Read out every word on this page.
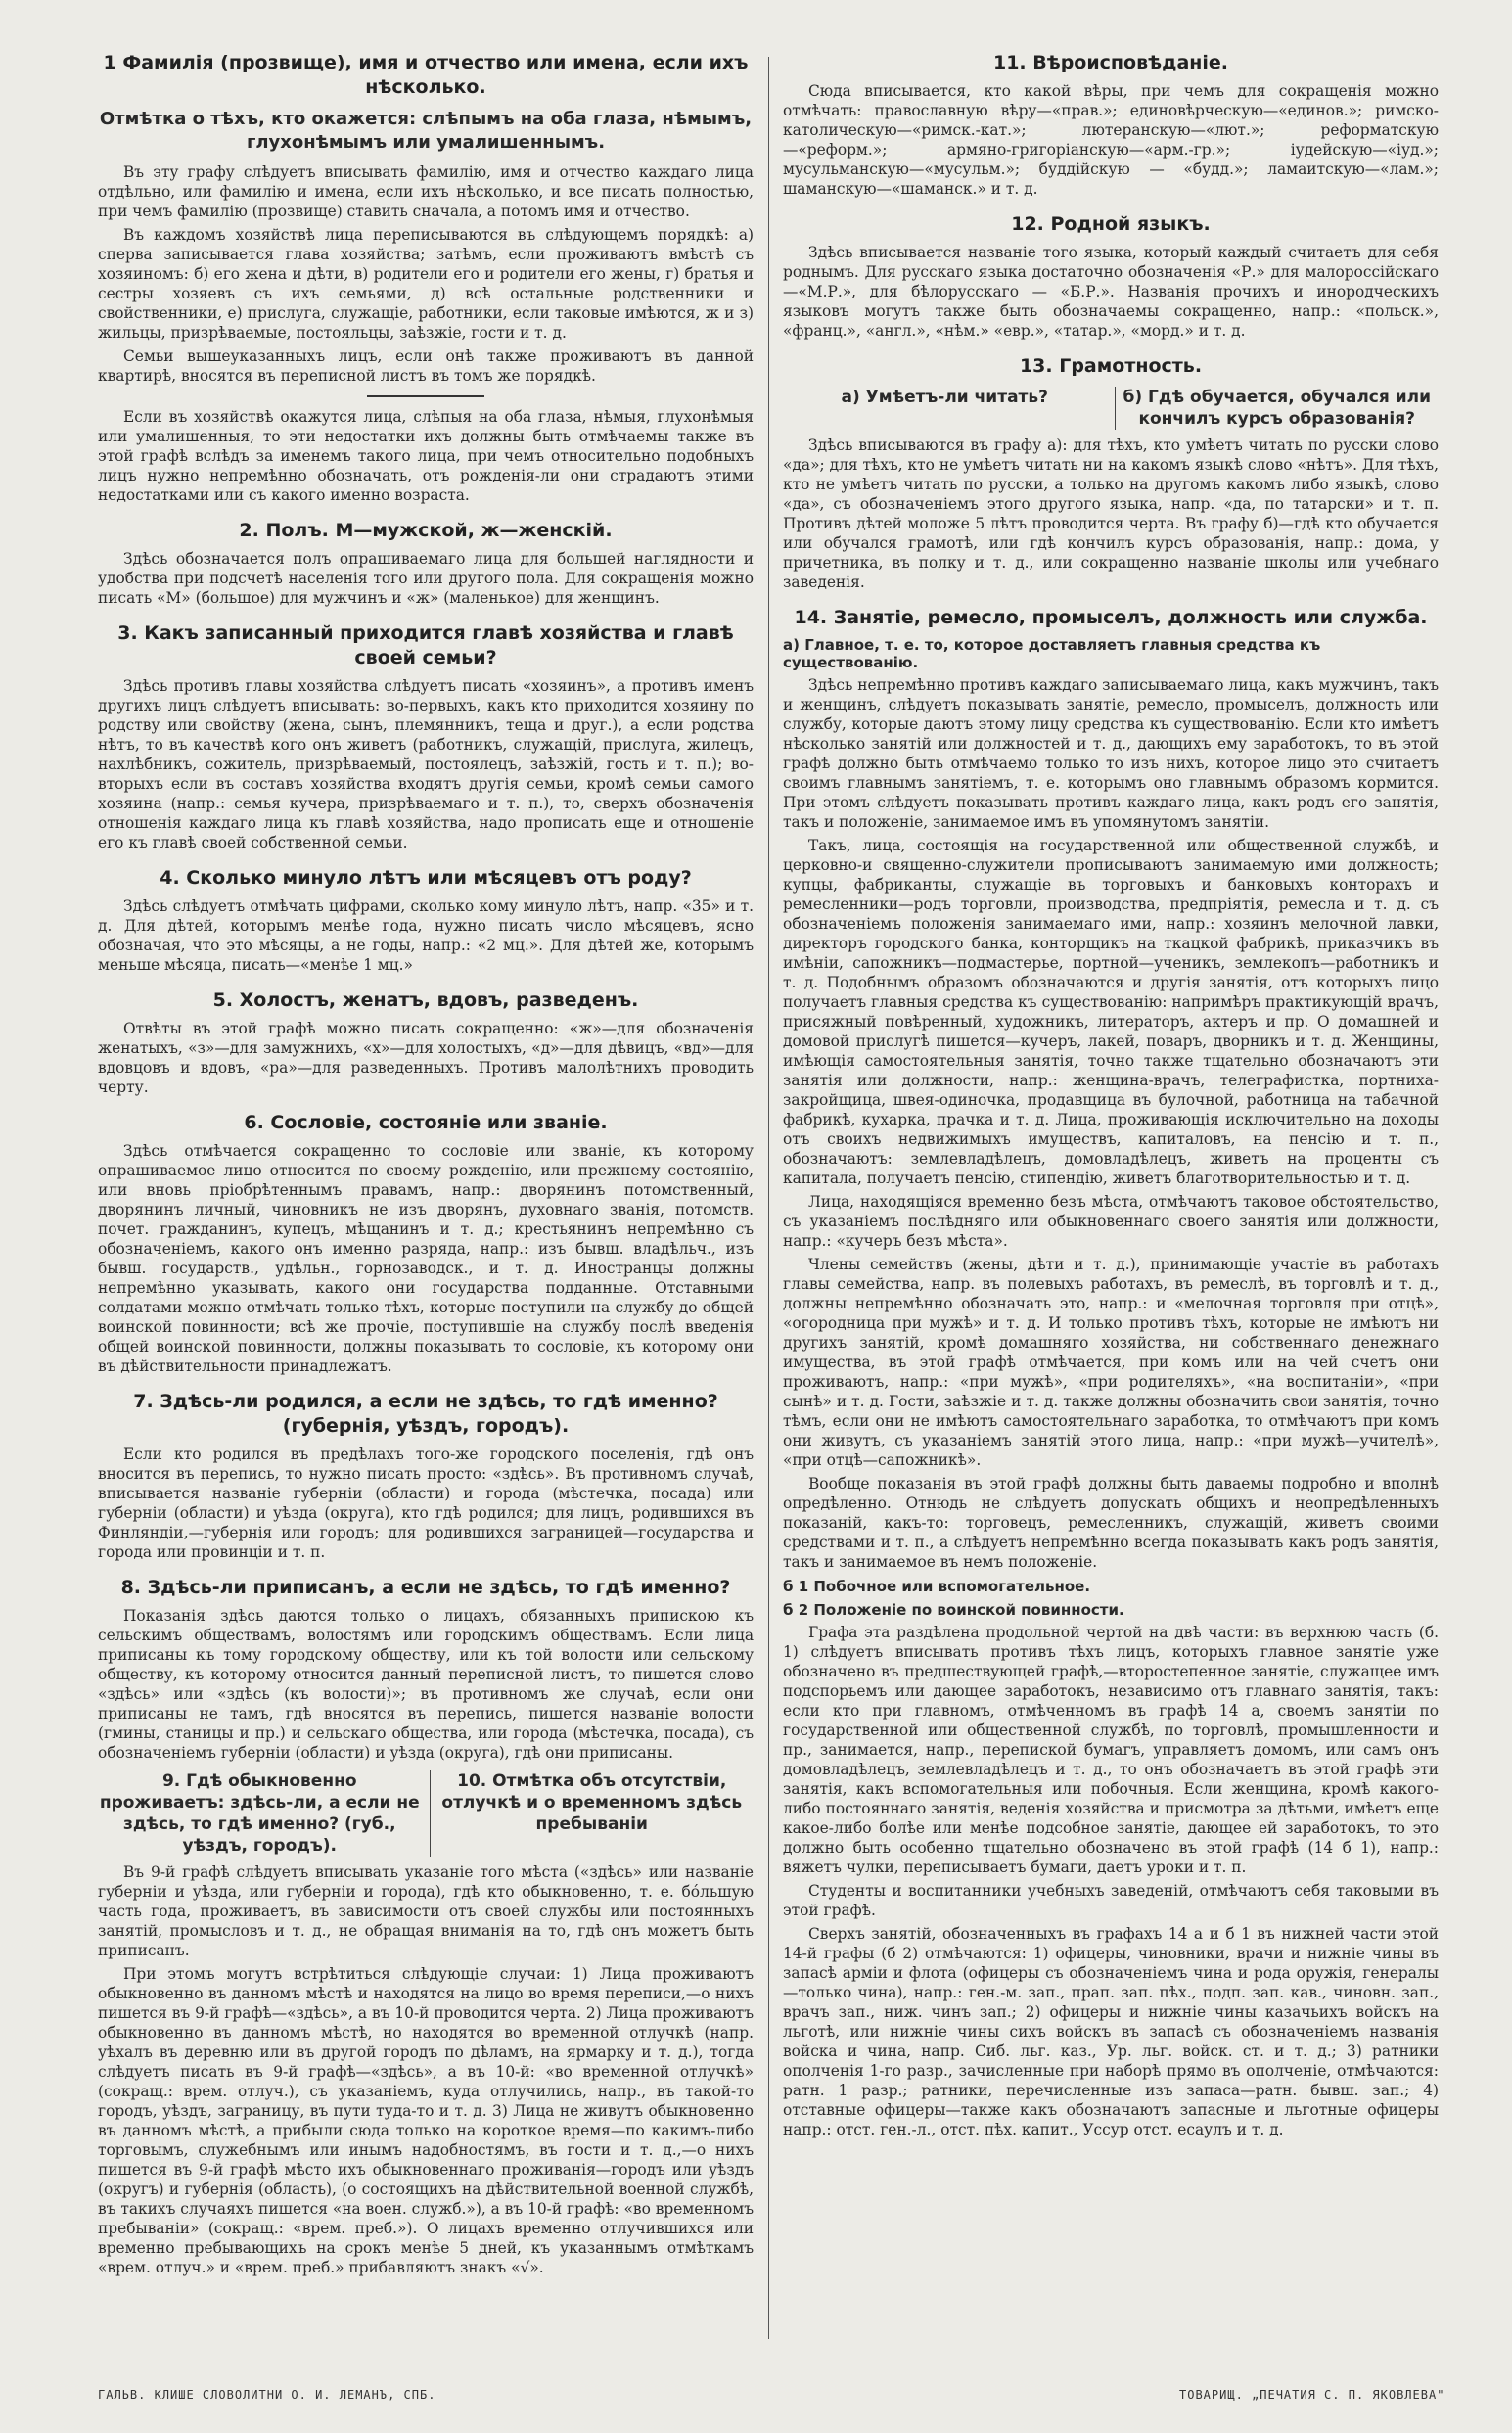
1 Фамилія (прозвище), имя и отчество или имена, если ихъ нѣсколько.
Отмѣтка о тѣхъ, кто окажется: слѣпымъ на оба глаза, нѣмымъ, глухонѣмымъ или умалишеннымъ.

Въ эту графу слѣдуетъ вписывать фамилію, имя и отчество каждаго лица отдѣльно, или фамилію и имена, если ихъ нѣсколько, и все писать полностью, при чемъ фамилію (прозвище) ставить сначала, а потомъ имя и отчество.

Въ каждомъ хозяйствѣ лица переписываются въ слѣдующемъ порядкѣ: а) сперва записывается глава хозяйства; затѣмъ, если проживаютъ вмѣстѣ съ хозяиномъ: б) его жена и дѣти, в) родители его и родители его жены, г) братья и сестры хозяевъ съ ихъ семьями, д) всѣ остальные родственники и свойственники, е) прислуга, служащіе, работники, если таковые имѣются, ж и з) жильцы, призрѣваемые, постояльцы, заѣзжіе, гости и т. д.

Семьи вышеуказанныхъ лицъ, если онѣ также проживаютъ въ данной квартирѣ, вносятся въ переписной листъ въ томъ же порядкѣ.

Если въ хозяйствѣ окажутся лица, слѣпыя на оба глаза, нѣмыя, глухонѣмыя или умалишенныя, то эти недостатки ихъ должны быть отмѣчаемы также въ этой графѣ вслѣдъ за именемъ такого лица, при чемъ относительно подобныхъ лицъ нужно непремѣнно обозначать, отъ рожденія-ли они страдаютъ этими недостатками или съ какого именно возраста.

2. Полъ. М—мужской, ж—женскій.

Здѣсь обозначается полъ опрашиваемаго лица для большей наглядности и удобства при подсчетѣ населенія того или другого пола. Для сокращенія можно писать «М» (большое) для мужчинъ и «ж» (маленькое) для женщинъ.

3. Какъ записанный приходится главѣ хозяйства и главѣ своей семьи?

Здѣсь противъ главы хозяйства слѣдуетъ писать «хозяинъ», а противъ именъ другихъ лицъ слѣдуетъ вписывать: во-первыхъ, какъ кто приходится хозяину по родству или свойству (жена, сынъ, племянникъ, теща и друг.), а если родства нѣтъ, то въ качествѣ кого онъ живетъ (работникъ, служащій, прислуга, жилецъ, нахлѣбникъ, сожитель, призрѣваемый, постоялецъ, заѣзжій, гость и т. п.); во-вторыхъ если въ составъ хозяйства входятъ другія семьи, кромѣ семьи самого хозяина (напр.: семья кучера, призрѣваемаго и т. п.), то, сверхъ обозначенія отношенія каждаго лица къ главѣ хозяйства, надо прописать еще и отношеніе его къ главѣ своей собственной семьи.

4. Сколько минуло лѣтъ или мѣсяцевъ отъ роду?

Здѣсь слѣдуетъ отмѣчать цифрами, сколько кому минуло лѣтъ, напр. «35» и т. д. Для дѣтей, которымъ менѣе года, нужно писать число мѣсяцевъ, ясно обозначая, что это мѣсяцы, а не годы, напр.: «2 мц.». Для дѣтей же, которымъ меньше мѣсяца, писать—«менѣе 1 мц.»

5. Холостъ, женатъ, вдовъ, разведенъ.

Отвѣты въ этой графѣ можно писать сокращенно: «ж»—для обозначенія женатыхъ, «з»—для замужнихъ, «х»—для холостыхъ, «д»—для дѣвицъ, «вд»—для вдовцовъ и вдовъ, «ра»—для разведенныхъ. Противъ малолѣтнихъ проводить черту.

6. Сословіе, состояніе или званіе.

Здѣсь отмѣчается сокращенно то сословіе или званіе, къ которому опрашиваемое лицо относится по своему рожденію, или прежнему состоянію, или вновь пріобрѣтеннымъ правамъ, напр.: дворянинъ потомственный, дворянинъ личный, чиновникъ не изъ дворянъ, духовнаго званія, потомств. почет. гражданинъ, купецъ, мѣщанинъ и т. д.; крестьянинъ непремѣнно съ обозначеніемъ, какого онъ именно разряда, напр.: изъ бывш. владѣльч., изъ бывш. государств., удѣльн., горнозаводск., и т. д. Иностранцы должны непремѣнно указывать, какого они государства подданные. Отставными солдатами можно отмѣчать только тѣхъ, которые поступили на службу до общей воинской повинности; всѣ же прочіе, поступившіе на службу послѣ введенія общей воинской повинности, должны показывать то сословіе, къ которому они въ дѣйствительности принадлежатъ.

7. Здѣсь-ли родился, а если не здѣсь, то гдѣ именно? (губернія, уѣздъ, городъ).

Если кто родился въ предѣлахъ того-же городского поселенія, гдѣ онъ вносится въ перепись, то нужно писать просто: «здѣсь». Въ противномъ случаѣ, вписывается названіе губерніи (области) и города (мѣстечка, посада) или губерніи (области) и уѣзда (округа), кто гдѣ родился; для лицъ, родившихся въ Финляндіи,—губернія или городъ; для родившихся заграницей—государства и города или провинціи и т. п.

8. Здѣсь-ли приписанъ, а если не здѣсь, то гдѣ именно?

Показанія здѣсь даются только о лицахъ, обязанныхъ припискою къ сельскимъ обществамъ, волостямъ или городскимъ обществамъ. Если лица приписаны къ тому городскому обществу, или къ той волости или сельскому обществу, къ которому относится данный переписной листъ, то пишется слово «здѣсь» или «здѣсь (къ волости)»; въ противномъ же случаѣ, если они приписаны не тамъ, гдѣ вносятся въ перепись, пишется названіе волости (гмины, станицы и пр.) и сельскаго общества, или города (мѣстечка, посада), съ обозначеніемъ губерніи (области) и уѣзда (округа), гдѣ они приписаны.

9. Гдѣ обыкновенно проживаетъ: здѣсь-ли, а если не здѣсь, то гдѣ именно? (губ., уѣздъ, городъ).
10. Отмѣтка объ отсутствіи, отлучкѣ и о временномъ здѣсь пребываніи

Въ 9-й графѣ слѣдуетъ вписывать указаніе того мѣста («здѣсь» или названіе губерніи и уѣзда, или губерніи и города), гдѣ кто обыкновенно, т. е. бо́льшую часть года, проживаетъ, въ зависимости отъ своей службы или постоянныхъ занятій, промысловъ и т. д., не обращая вниманія на то, гдѣ онъ можетъ быть приписанъ.

При этомъ могутъ встрѣтиться слѣдующіе случаи: 1) Лица проживаютъ обыкновенно въ данномъ мѣстѣ и находятся на лицо во время переписи,—о нихъ пишется въ 9-й графѣ—«здѣсь», а въ 10-й проводится черта. 2) Лица проживаютъ обыкновенно въ данномъ мѣстѣ, но находятся во временной отлучкѣ (напр. уѣхалъ въ деревню или въ другой городъ по дѣламъ, на ярмарку и т. д.), тогда слѣдуетъ писать въ 9-й графѣ—«здѣсь», а въ 10-й: «во временной отлучкѣ» (сокращ.: врем. отлуч.), съ указаніемъ, куда отлучились, напр., въ такой-то городъ, уѣздъ, заграницу, въ пути туда-то и т. д. 3) Лица не живутъ обыкновенно въ данномъ мѣстѣ, а прибыли сюда только на короткое время—по какимъ-либо торговымъ, служебнымъ или инымъ надобностямъ, въ гости и т. д.,—о нихъ пишется въ 9-й графѣ мѣсто ихъ обыкновеннаго проживанія—городъ или уѣздъ (округъ) и губернія (область), (о состоящихъ на дѣйствительной военной службѣ, въ такихъ случаяхъ пишется «на воен. служб.»), а въ 10-й графѣ: «во временномъ пребываніи» (сокращ.: «врем. преб.»). О лицахъ временно отлучившихся или временно пребывающихъ на срокъ менѣе 5 дней, къ указаннымъ отмѣткамъ «врем. отлуч.» и «врем. преб.» прибавляютъ знакъ «√».

11. Вѣроисповѣданіе.

Сюда вписывается, кто какой вѣры, при чемъ для сокращенія можно отмѣчать: православную вѣру—«прав.»; единовѣрческую—«единов.»; римско-католическую—«римск.-кат.»; лютеранскую—«лют.»; реформатскую—«реформ.»; армяно-григоріанскую—«арм.-гр.»; іудейскую—«іуд.»; мусульманскую—«мусульм.»; буддійскую — «будд.»; ламаитскую—«лам.»; шаманскую—«шаманск.» и т. д.

12. Родной языкъ.

Здѣсь вписывается названіе того языка, который каждый считаетъ для себя роднымъ. Для русскаго языка достаточно обозначенія «Р.» для малороссійскаго—«М.Р.», для бѣлорусскаго — «Б.Р.». Названія прочихъ и инородческихъ языковъ могутъ также быть обозначаемы сокращенно, напр.: «польск.», «франц.», «англ.», «нѣм.» «евр.», «татар.», «морд.» и т. д.

13. Грамотность.
а) Умѣетъ-ли читать?	б) Гдѣ обучается, обучался или кончилъ курсъ образованія?

Здѣсь вписываются въ графу а): для тѣхъ, кто умѣетъ читать по русски слово «да»; для тѣхъ, кто не умѣетъ читать ни на какомъ языкѣ слово «нѣтъ». Для тѣхъ, кто не умѣетъ читать по русски, а только на другомъ какомъ либо языкѣ, слово «да», съ обозначеніемъ этого другого языка, напр. «да, по татарски» и т. п. Противъ дѣтей моложе 5 лѣтъ проводится черта. Въ графу б)—гдѣ кто обучается или обучался грамотѣ, или гдѣ кончилъ курсъ образованія, напр.: дома, у причетника, въ полку и т. д., или сокращенно названіе школы или учебнаго заведенія.

14. Занятіе, ремесло, промыселъ, должность или служба.
а) Главное, т. е. то, которое доставляетъ главныя средства къ существованію.

Здѣсь непремѣнно противъ каждаго записываемаго лица, какъ мужчинъ, такъ и женщинъ, слѣдуетъ показывать занятіе, ремесло, промыселъ, должность или службу, которые даютъ этому лицу средства къ существованію. Если кто имѣетъ нѣсколько занятій или должностей и т. д., дающихъ ему заработокъ, то въ этой графѣ должно быть отмѣчаемо только то изъ нихъ, которое лицо это считаетъ своимъ главнымъ занятіемъ, т. е. которымъ оно главнымъ образомъ кормится. При этомъ слѣдуетъ показывать противъ каждаго лица, какъ родъ его занятія, такъ и положеніе, занимаемое имъ въ упомянутомъ занятіи.

Такъ, лица, состоящія на государственной или общественной службѣ, и церковно-и священно-служители прописываютъ занимаемую ими должность; купцы, фабриканты, служащіе въ торговыхъ и банковыхъ конторахъ и ремесленники—родъ торговли, производства, предпріятія, ремесла и т. д. съ обозначеніемъ положенія занимаемаго ими, напр.: хозяинъ мелочной лавки, директоръ городского банка, конторщикъ на ткацкой фабрикѣ, приказчикъ въ имѣніи, сапожникъ—подмастерье, портной—ученикъ, землекопъ—работникъ и т. д. Подобнымъ образомъ обозначаются и другія занятія, отъ которыхъ лицо получаетъ главныя средства къ существованію: напримѣръ практикующій врачъ, присяжный повѣренный, художникъ, литераторъ, актеръ и пр. О домашней и домовой прислугѣ пишется—кучеръ, лакей, поваръ, дворникъ и т. д. Женщины, имѣющія самостоятельныя занятія, точно также тщательно обозначаютъ эти занятія или должности, напр.: женщина-врачъ, телеграфистка, портниха-закройщица, швея-одиночка, продавщица въ булочной, работница на табачной фабрикѣ, кухарка, прачка и т. д. Лица, проживающія исключительно на доходы отъ своихъ недвижимыхъ имуществъ, капиталовъ, на пенсію и т. п., обозначаютъ: землевладѣлецъ, домовладѣлецъ, живетъ на проценты съ капитала, получаетъ пенсію, стипендію, живетъ благотворительностью и т. д.

Лица, находящіяся временно безъ мѣста, отмѣчаютъ таковое обстоятельство, съ указаніемъ послѣдняго или обыкновеннаго своего занятія или должности, напр.: «кучеръ безъ мѣста».

Члены семействъ (жены, дѣти и т. д.), принимающіе участіе въ работахъ главы семейства, напр. въ полевыхъ работахъ, въ ремеслѣ, въ торговлѣ и т. д., должны непремѣнно обозначать это, напр.: и «мелочная торговля при отцѣ», «огородница при мужѣ» и т. д. И только противъ тѣхъ, которые не имѣютъ ни другихъ занятій, кромѣ домашняго хозяйства, ни собственнаго денежнаго имущества, въ этой графѣ отмѣчается, при комъ или на чей счетъ они проживаютъ, напр.: «при мужѣ», «при родителяхъ», «на воспитаніи», «при сынѣ» и т. д. Гости, заѣзжіе и т. д. также должны обозначить свои занятія, точно тѣмъ, если они не имѣютъ самостоятельнаго заработка, то отмѣчаютъ при комъ они живутъ, съ указаніемъ занятій этого лица, напр.: «при мужѣ—учителѣ», «при отцѣ—сапожникѣ».

Вообще показанія въ этой графѣ должны быть даваемы подробно и вполнѣ опредѣленно. Отнюдь не слѣдуетъ допускать общихъ и неопредѣленныхъ показаній, какъ-то: торговецъ, ремесленникъ, служащій, живетъ своими средствами и т. п., а слѣдуетъ непремѣнно всегда показывать какъ родъ занятія, такъ и занимаемое въ немъ положеніе.

б 1 Побочное или вспомогательное.
б 2 Положеніе по воинской повинности.

Графа эта раздѣлена продольной чертой на двѣ части: въ верхнюю часть (б. 1) слѣдуетъ вписывать противъ тѣхъ лицъ, которыхъ главное занятіе уже обозначено въ предшествующей графѣ,—второстепенное занятіе, служащее имъ подспорьемъ или дающее заработокъ, независимо отъ главнаго занятія, такъ: если кто при главномъ, отмѣченномъ въ графѣ 14 а, своемъ занятіи по государственной или общественной службѣ, по торговлѣ, промышленности и пр., занимается, напр., перепиской бумагъ, управляетъ домомъ, или самъ онъ домовладѣлецъ, землевладѣлецъ и т. д., то онъ обозначаетъ въ этой графѣ эти занятія, какъ вспомогательныя или побочныя. Если женщина, кромѣ какого-либо постояннаго занятія, веденія хозяйства и присмотра за дѣтьми, имѣетъ еще какое-либо болѣе или менѣе подсобное занятіе, дающее ей заработокъ, то это должно быть особенно тщательно обозначено въ этой графѣ (14 б 1), напр.: вяжетъ чулки, переписываетъ бумаги, даетъ уроки и т. п.

Студенты и воспитанники учебныхъ заведеній, отмѣчаютъ себя таковыми въ этой графѣ.

Сверхъ занятій, обозначенныхъ въ графахъ 14 а и б 1 въ нижней части этой 14-й графы (б 2) отмѣчаются: 1) офицеры, чиновники, врачи и нижніе чины въ запасѣ арміи и флота (офицеры съ обозначеніемъ чина и рода оружія, генералы—только чина), напр.: ген.-м. зап., прап. зап. пѣх., подп. зап. кав., чиновн. зап., врачъ зап., ниж. чинъ зап.; 2) офицеры и нижніе чины казачьихъ войскъ на льготѣ, или нижніе чины сихъ войскъ въ запасѣ съ обозначеніемъ названія войска и чина, напр. Сиб. льг. каз., Ур. льг. войск. ст. и т. д.; 3) ратники ополченія 1-го разр., зачисленные при наборѣ прямо въ ополченіе, отмѣчаются: ратн. 1 разр.; ратники, перечисленные изъ запаса—ратн. бывш. зап.; 4) отставные офицеры—также какъ обозначаютъ запасные и льготные офицеры напр.: отст. ген.-л., отст. пѣх. капит., Уссур отст. есаулъ и т. д.

ГАЛЬВ. КЛИШЕ СЛОВОЛИТНИ О. И. ЛЕМАНЪ, СПБ.	ТОВАРИЩ. „ПЕЧАТИЯ С. П. ЯКОВЛЕВА"
